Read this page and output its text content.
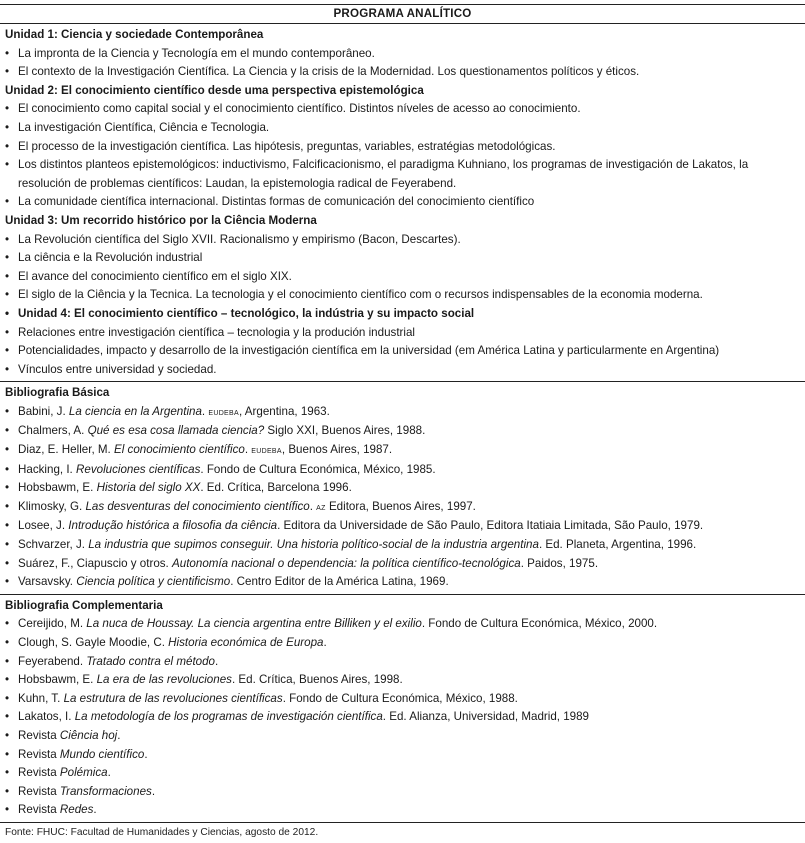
PROGRAMA ANALÍTICO
Unidad 1: Ciencia y sociedade Contemporânea
• La impronta de la Ciencia y Tecnología em el mundo contemporâneo.
• El contexto de la Investigación Científica. La Ciencia y la crisis de la Modernidad. Los questionamentos políticos y éticos.
Unidad 2: El conocimiento científico desde uma perspectiva epistemológica
• El conocimiento como capital social y el conocimiento científico. Distintos níveles de acesso ao conocimiento.
• La investigación Científica, Ciência e Tecnologia.
• El processo de la investigación científica. Las hipótesis, preguntas, variables, estratégias metodológicas.
• Los distintos planteos epistemológicos: inductivismo, Falcificacionismo, el paradigma Kuhniano, los programas de investigación de Lakatos, la resolución de problemas científicos: Laudan, la epistemologia radical de Feyerabend.
• La comunidade científica internacional. Distintas formas de comunicación del conocimiento científico
Unidad 3: Um recorrido histórico por la Ciência Moderna
• La Revolución científica del Siglo XVII. Racionalismo y empirismo (Bacon, Descartes).
• La ciência e la Revolución industrial
• El avance del conocimiento científico em el siglo XIX.
• El siglo de la Ciência y la Tecnica. La tecnologia y el conocimiento científico com o recursos indispensables de la economia moderna.
• Unidad 4: El conocimiento científico – tecnológico, la indústria y su impacto social
• Relaciones entre investigación científica – tecnologia y la produción industrial
• Potencialidades, impacto y desarrollo de la investigación científica em la universidad (em América Latina y particularmente en Argentina)
• Vínculos entre universidad y sociedad.
Bibliografia Básica
• Babini, J. La ciencia en la Argentina. eudeba, Argentina, 1963.
• Chalmers, A. Qué es esa cosa llamada ciencia? Siglo XXI, Buenos Aires, 1988.
• Diaz, E. Heller, M. El conocimiento científico. eudeba, Buenos Aires, 1987.
• Hacking, I. Revoluciones científicas. Fondo de Cultura Económica, México, 1985.
• Hobsbawm, E. Historia del siglo XX. Ed. Crítica, Barcelona 1996.
• Klimosky, G. Las desventuras del conocimiento científico. az Editora, Buenos Aires, 1997.
• Losee, J. Introdução histórica a filosofia da ciência. Editora da Universidade de São Paulo, Editora Itatiaia Limitada, São Paulo, 1979.
• Schvarzer, J. La industria que supimos conseguir. Una historia político-social de la industria argentina. Ed. Planeta, Argentina, 1996.
• Suárez, F., Ciapuscio y otros. Autonomía nacional o dependencia: la política científico-tecnológica. Paidos, 1975.
• Varsavsky. Ciencia política y cientificismo. Centro Editor de la América Latina, 1969.
Bibliografia Complementaria
• Cereijido, M. La nuca de Houssay. La ciencia argentina entre Billiken y el exilio. Fondo de Cultura Económica, México, 2000.
• Clough, S. Gayle Moodie, C. Historia económica de Europa.
• Feyerabend. Tratado contra el método.
• Hobsbawm, E. La era de las revoluciones. Ed. Crítica, Buenos Aires, 1998.
• Kuhn, T. La estrutura de las revoluciones científicas. Fondo de Cultura Económica, México, 1988.
• Lakatos, I. La metodología de los programas de investigación científica. Ed. Alianza, Universidad, Madrid, 1989
• Revista Ciência hoj.
• Revista Mundo científico.
• Revista Polémica.
• Revista Transformaciones.
• Revista Redes.
Fonte: FHUC: Facultad de Humanidades y Ciencias, agosto de 2012.
